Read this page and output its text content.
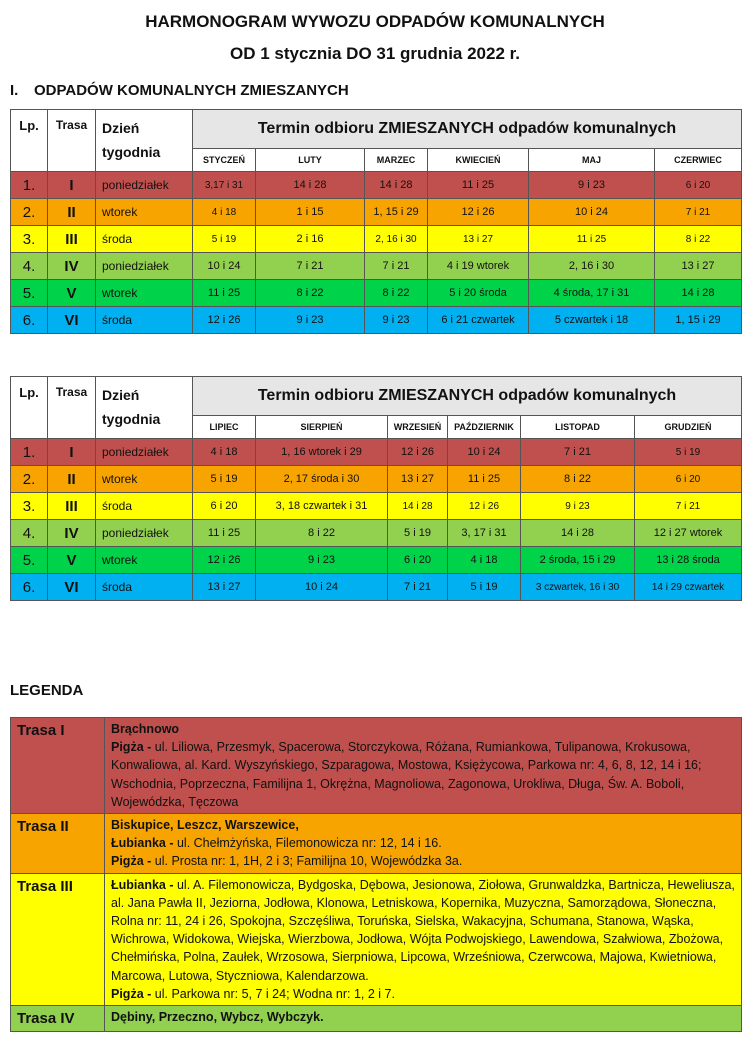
HARMONOGRAM WYWOZU ODPADÓW KOMUNALNYCH
OD 1 stycznia DO 31 grudnia 2022 r.
I. ODPADÓW KOMUNALNYCH ZMIESZANYCH
Lp.	Trasa	Dzień tygodnia	Termin odbioru ZMIESZANYCH odpadów komunalnych					
			STYCZEŃ	LUTY	MARZEC	KWIECIEŃ	MAJ	CZERWIEC
1.	I	poniedziałek	3,17 i 31	14 i 28	14 i 28	11 i 25	9 i 23	6 i 20
2.	II	wtorek	4 i 18	1 i 15	1, 15 i 29	12 i 26	10 i 24	7 i 21
3.	III	środa	5 i 19	2 i 16	2, 16 i 30	13 i 27	11 i 25	8 i 22
4.	IV	poniedziałek	10 i 24	7 i 21	7 i 21	4 i 19 wtorek	2, 16 i 30	13 i 27
5.	V	wtorek	11 i 25	8 i 22	8 i 22	5 i 20 środa	4 środa, 17 i 31	14 i 28
6.	VI	środa	12 i 26	9 i 23	9 i 23	6 i 21 czwartek	5 czwartek i 18	1, 15 i 29
Lp.	Trasa	Dzień tygodnia	Termin odbioru ZMIESZANYCH odpadów komunalnych					
			LIPIEC	SIERPIEŃ	WRZESIEŃ	PAŹDZIERNIK	LISTOPAD	GRUDZIEŃ
1.	I	poniedziałek	4 i 18	1, 16 wtorek i 29	12 i 26	10 i 24	7 i 21	5 i 19
2.	II	wtorek	5 i 19	2, 17 środa i 30	13 i 27	11 i 25	8 i 22	6 i 20
3.	III	środa	6 i 20	3, 18 czwartek i 31	14 i 28	12 i 26	9 i 23	7 i 21
4.	IV	poniedziałek	11 i 25	8 i 22	5 i 19	3, 17 i 31	14 i 28	12 i 27 wtorek
5.	V	wtorek	12 i 26	9 i 23	6 i 20	4 i 18	2 środa, 15 i 29	13 i 28 środa
6.	VI	środa	13 i 27	10 i 24	7 i 21	5 i 19	3 czwartek, 16 i 30	14 i 29 czwartek
LEGENDA
Trasa I	Brąchnowo
Pigża - ul. Liliowa, Przesmyk, Spacerowa, Storczykowa, Różana, Rumiankowa, Tulipanowa, Krokusowa, Konwaliowa, al. Kard. Wyszyńskiego, Szparagowa, Mostowa, Księżycowa, Parkowa nr: 4, 6, 8, 12, 14 i 16; Wschodnia, Poprzeczna, Familijna 1, Okrężna, Magnoliowa, Zagonowa, Urokliwa, Długa, Św. A. Boboli, Wojewódzka, Tęczowa

Trasa II	Biskupice, Leszcz, Warszewice,
Łubianka - ul. Chełmżyńska, Filemonowicza nr: 12, 14 i 16.
Pigża - ul. Prosta nr: 1, 1H, 2 i 3; Familijna 10, Wojewódzka 3a.

Trasa III	Łubianka - ul. A. Filemonowicza, Bydgoska, Dębowa, Jesionowa, Ziołowa, Grunwaldzka, Bartnicza, Heweliusza, al. Jana Pawła II, Jeziorna, Jodłowa, Klonowa, Letniskowa, Kopernika, Muzyczna, Samorządowa, Słoneczna, Rolna nr: 11, 24 i 26, Spokojna, Szczęśliwa, Toruńska, Sielska, Wakacyjna, Schumana, Stanowa, Wąska, Wichrowa, Widokowa, Wiejska, Wierzbowa, Jodłowa, Wójta Podwojskiego, Lawendowa, Szałwiowa, Zbożowa, Chełmińska, Polna, Zaułek, Wrzosowa, Sierpniowa, Lipcowa, Wrześniowa, Czerwcowa, Majowa, Kwietniowa, Marcowa, Lutowa, Styczniowa, Kalendarzowa.
Pigża - ul. Parkowa nr: 5, 7 i 24; Wodna nr: 1, 2 i 7.

Trasa IV	Dębiny, Przeczno, Wybcz, Wybczyk.
